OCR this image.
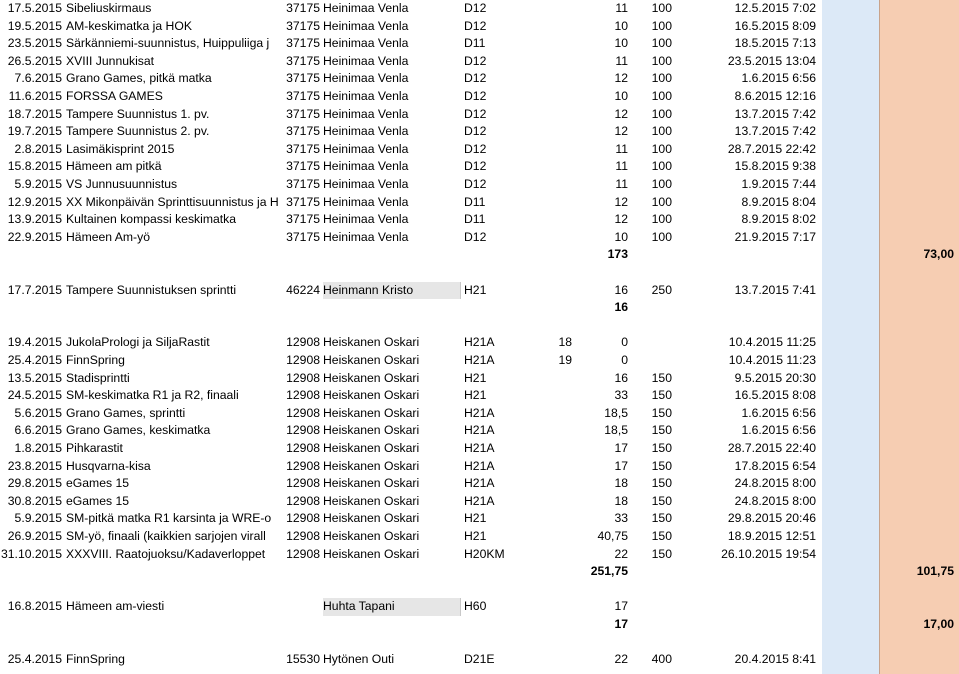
17.5.2015 Sibeliuskirmaus	37175 Heinimaa Venla	D12	11	100	12.5.2015 7:02
19.5.2015 AM-keskimatka ja HOK	37175 Heinimaa Venla	D12	10	100	16.5.2015 8:09
23.5.2015 Särkänniemi-suunnistus, Huippuliiga j	37175 Heinimaa Venla	D11	10	100	18.5.2015 7:13
26.5.2015 XVIII Junnukisat	37175 Heinimaa Venla	D12	11	100	23.5.2015 13:04
7.6.2015 Grano Games, pitkä matka	37175 Heinimaa Venla	D12	12	100	1.6.2015 6:56
11.6.2015 FORSSA GAMES	37175 Heinimaa Venla	D12	10	100	8.6.2015 12:16
18.7.2015 Tampere Suunnistus 1. pv.	37175 Heinimaa Venla	D12	12	100	13.7.2015 7:42
19.7.2015 Tampere Suunnistus 2. pv.	37175 Heinimaa Venla	D12	12	100	13.7.2015 7:42
2.8.2015 Lasimäkisprint 2015	37175 Heinimaa Venla	D12	11	100	28.7.2015 22:42
15.8.2015 Hämeen am pitkä	37175 Heinimaa Venla	D12	11	100	15.8.2015 9:38
5.9.2015 VS Junnusuunnistus	37175 Heinimaa Venla	D12	11	100	1.9.2015 7:44
12.9.2015 XX Mikonpäivän Sprinttisuunnistus ja H 37175 Heinimaa Venla	D11	12	100	8.9.2015 8:04
13.9.2015 Kultainen kompassi keskimatka	37175 Heinimaa Venla	D11	12	100	8.9.2015 8:02
22.9.2015 Hämeen Am-yö	37175 Heinimaa Venla	D12	10	100	21.9.2015 7:17
173	73,00
17.7.2015 Tampere Suunnistuksen sprintti	46224 Heinmann Kristo	H21	16	250	13.7.2015 7:41
16
19.4.2015 JukolaPrologi ja SiljaRastit	12908 Heiskanen Oskari	H21A	18	0	10.4.2015 11:25
25.4.2015 FinnSpring	12908 Heiskanen Oskari	H21A	19	0	10.4.2015 11:23
13.5.2015 Stadisprintti	12908 Heiskanen Oskari	H21	16	150	9.5.2015 20:30
24.5.2015 SM-keskimatka R1 ja R2, finaali	12908 Heiskanen Oskari	H21	33	150	16.5.2015 8:08
5.6.2015 Grano Games, sprintti	12908 Heiskanen Oskari	H21A	18,5	150	1.6.2015 6:56
6.6.2015 Grano Games, keskimatka	12908 Heiskanen Oskari	H21A	18,5	150	1.6.2015 6:56
1.8.2015 Pihkarastit	12908 Heiskanen Oskari	H21A	17	150	28.7.2015 22:40
23.8.2015 Husqvarna-kisa	12908 Heiskanen Oskari	H21A	17	150	17.8.2015 6:54
29.8.2015 eGames 15	12908 Heiskanen Oskari	H21A	18	150	24.8.2015 8:00
30.8.2015 eGames 15	12908 Heiskanen Oskari	H21A	18	150	24.8.2015 8:00
5.9.2015 SM-pitkä matka R1 karsinta ja WRE-o	12908 Heiskanen Oskari	H21	33	150	29.8.2015 20:46
26.9.2015 SM-yö, finaali (kaikkien sarjojen virall	12908 Heiskanen Oskari	H21	40,75	150	18.9.2015 12:51
31.10.2015 XXXVIII. Raatojuoksu/Kadaverloppet	12908 Heiskanen Oskari	H20KM	22	150	26.10.2015 19:54
251,75	101,75
16.8.2015 Hämeen am-viesti	Huhta Tapani	H60	17
17	17,00
25.4.2015 FinnSpring	15530 Hytönen Outi	D21E	22	400	20.4.2015 8:41
